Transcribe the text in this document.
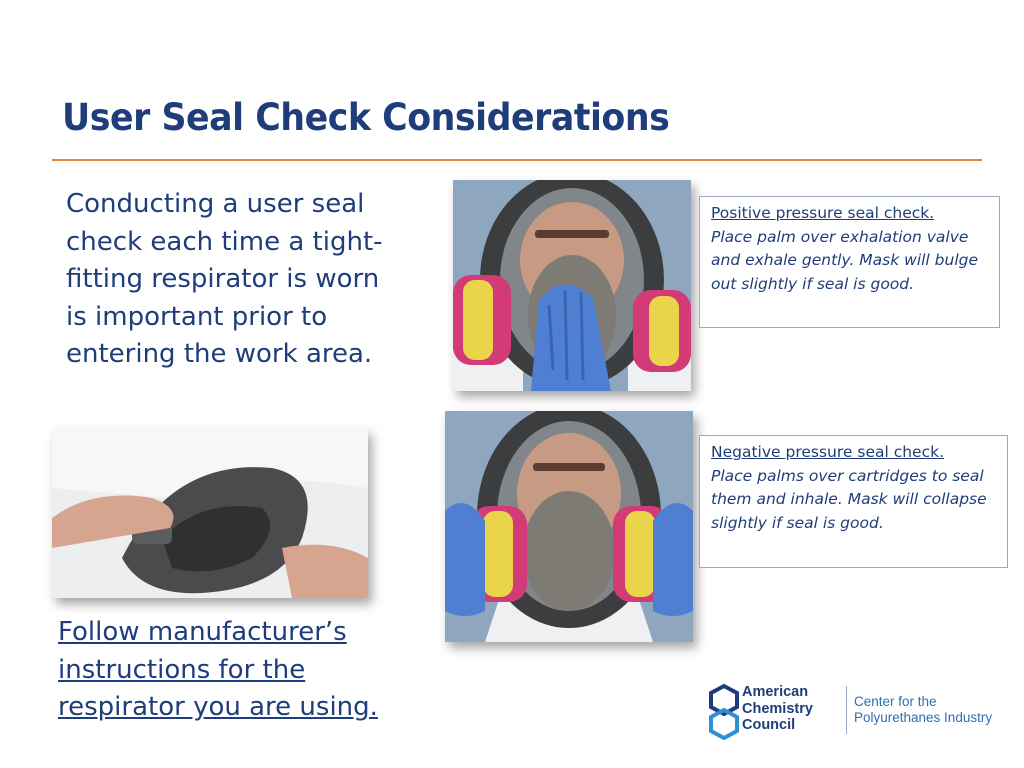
User Seal Check Considerations
Conducting a user seal check each time a tight-fitting respirator is worn is important prior to entering the work area.
Positive pressure seal check.
Place palm over exhalation valve and exhale gently. Mask will bulge out slightly if seal is good.
Negative pressure seal check.
Place palms over cartridges to seal them and inhale. Mask will collapse slightly if seal is good.
Follow manufacturer’s instructions for the respirator you are using.	American
Chemistry
Council
Center for the
Polyurethanes Industry
